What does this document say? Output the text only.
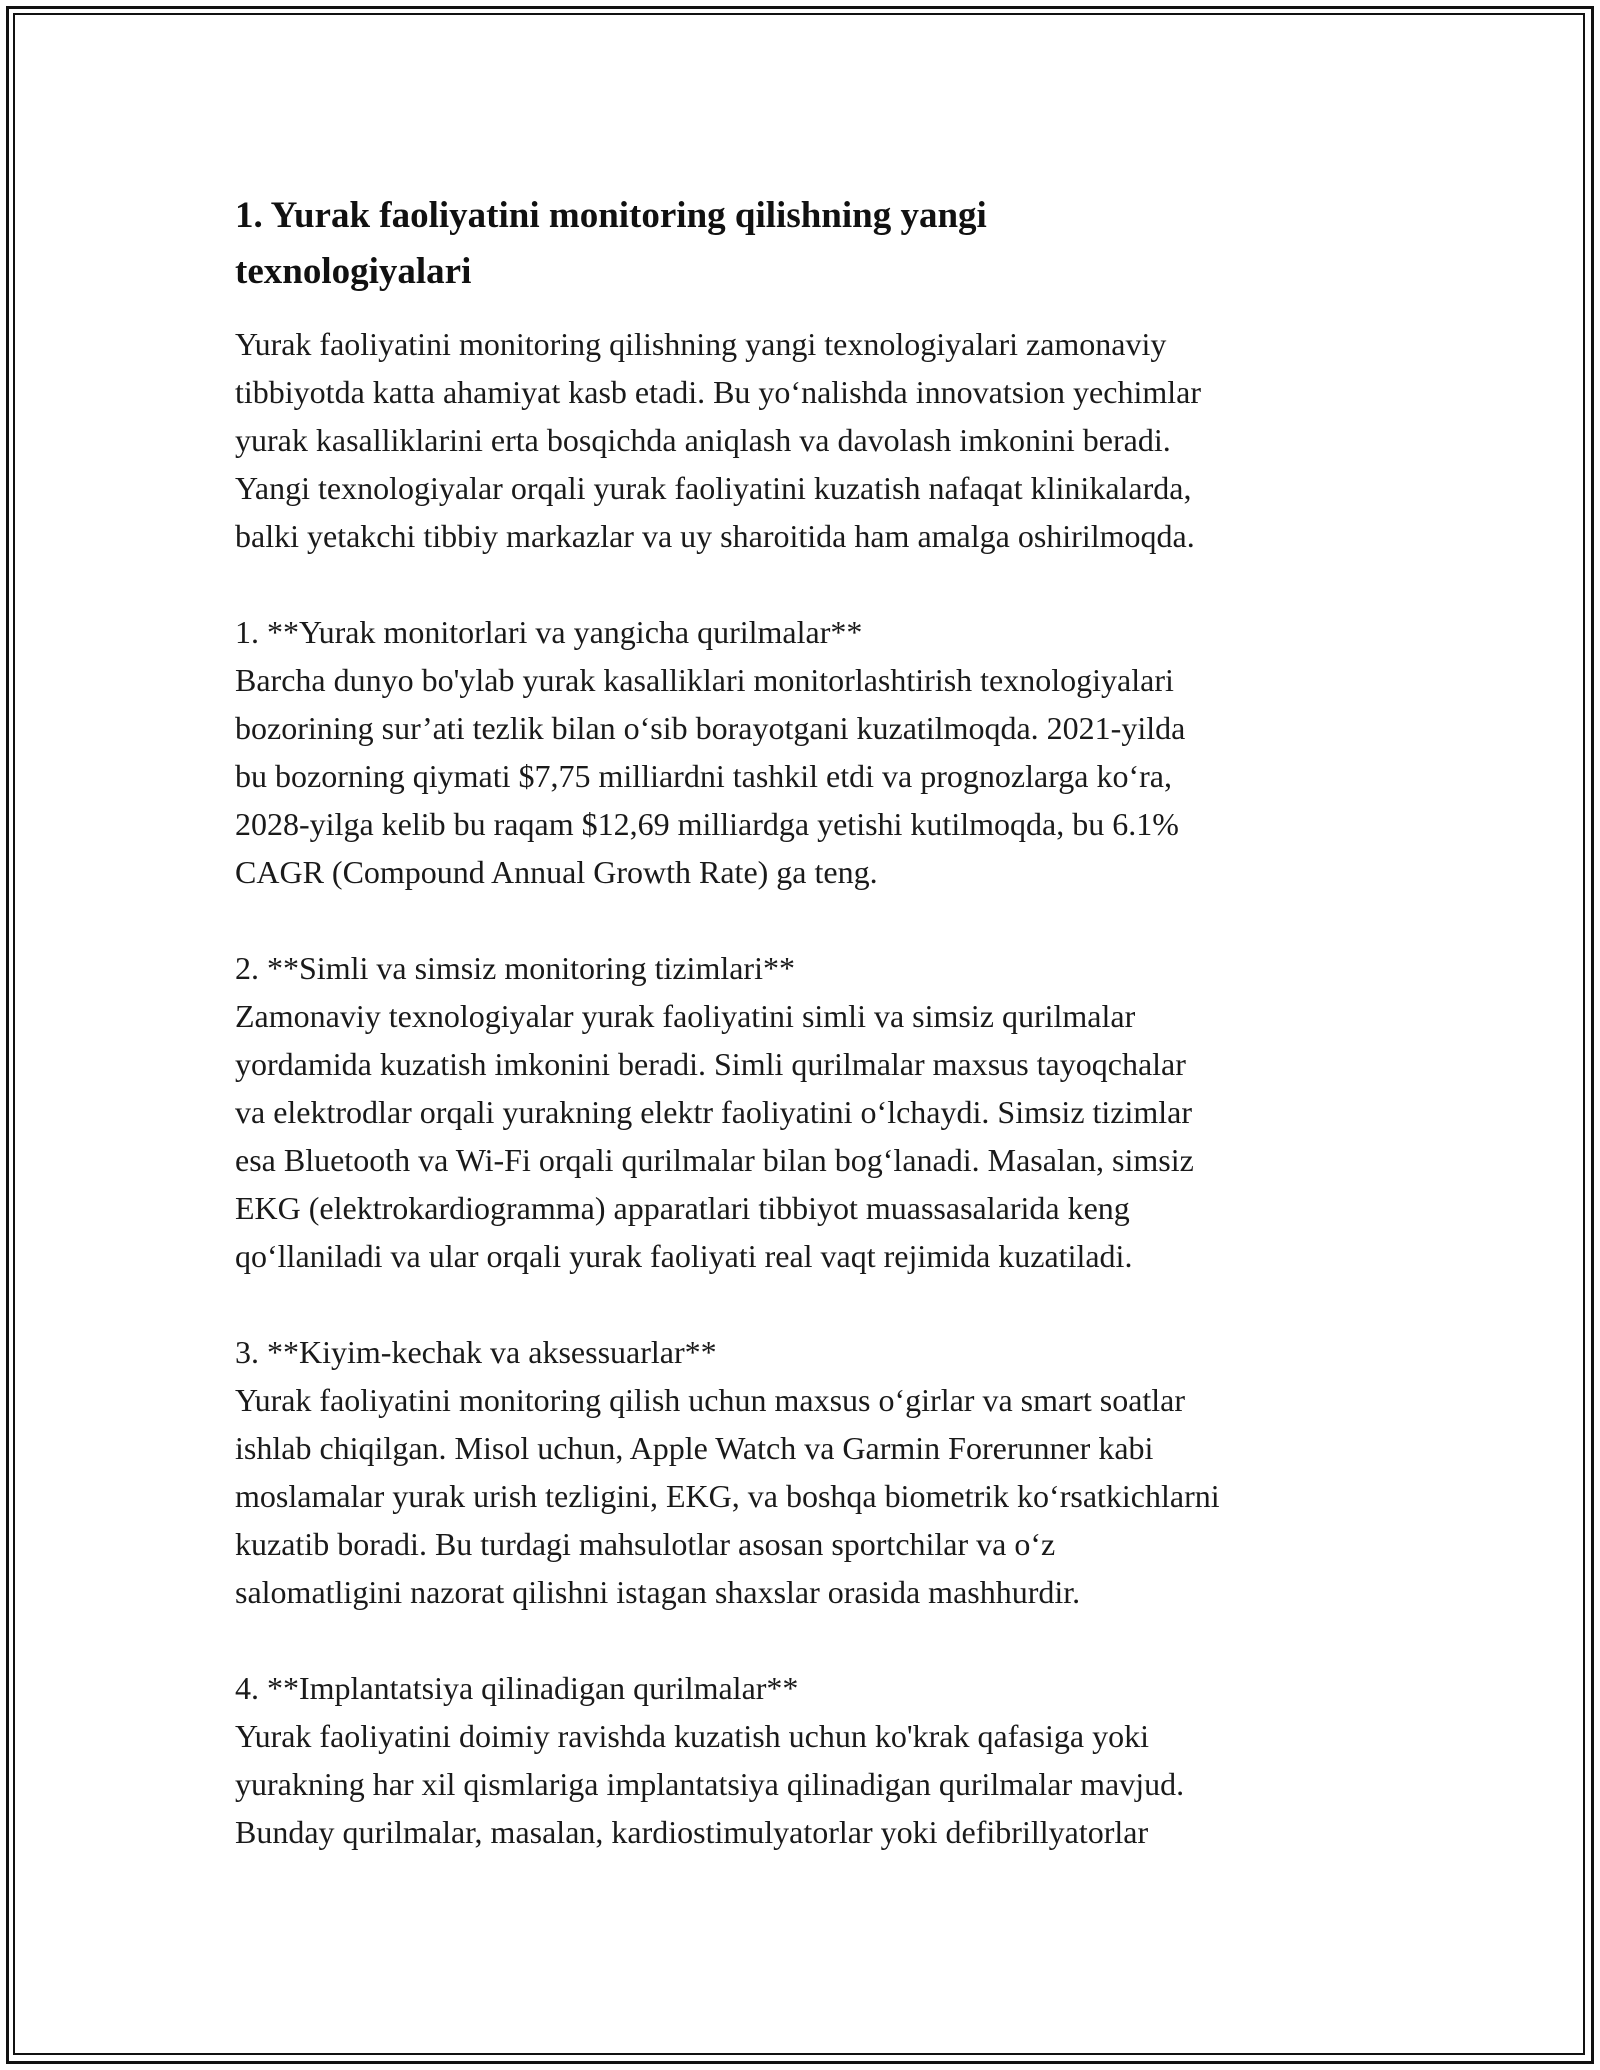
1. Yurak faoliyatini monitoring qilishning yangi
texnologiyalari

Yurak faoliyatini monitoring qilishning yangi texnologiyalari zamonaviy
tibbiyotda katta ahamiyat kasb etadi. Bu yo‘nalishda innovatsion yechimlar
yurak kasalliklarini erta bosqichda aniqlash va davolash imkonini beradi.
Yangi texnologiyalar orqali yurak faoliyatini kuzatish nafaqat klinikalarda,
balki yetakchi tibbiy markazlar va uy sharoitida ham amalga oshirilmoqda.

1. **Yurak monitorlari va yangicha qurilmalar**

Barcha dunyo bo'ylab yurak kasalliklari monitorlashtirish texnologiyalari
bozorining sur’ati tezlik bilan o‘sib borayotgani kuzatilmoqda. 2021-yilda
bu bozorning qiymati $7,75 milliardni tashkil etdi va prognozlarga ko‘ra,
2028-yilga kelib bu raqam $12,69 milliardga yetishi kutilmoqda, bu 6.1%
CAGR (Compound Annual Growth Rate) ga teng.

2. **Simli va simsiz monitoring tizimlari**

Zamonaviy texnologiyalar yurak faoliyatini simli va simsiz qurilmalar
yordamida kuzatish imkonini beradi. Simli qurilmalar maxsus tayoqchalar
va elektrodlar orqali yurakning elektr faoliyatini o‘lchaydi. Simsiz tizimlar
esa Bluetooth va Wi-Fi orqali qurilmalar bilan bog‘lanadi. Masalan, simsiz
EKG (elektrokardiogramma) apparatlari tibbiyot muassasalarida keng
qo‘llaniladi va ular orqali yurak faoliyati real vaqt rejimida kuzatiladi.

3. **Kiyim-kechak va aksessuarlar**

Yurak faoliyatini monitoring qilish uchun maxsus o‘girlar va smart soatlar
ishlab chiqilgan. Misol uchun, Apple Watch va Garmin Forerunner kabi
moslamalar yurak urish tezligini, EKG, va boshqa biometrik ko‘rsatkichlarni
kuzatib boradi. Bu turdagi mahsulotlar asosan sportchilar va o‘z
salomatligini nazorat qilishni istagan shaxslar orasida mashhurdir.

4. **Implantatsiya qilinadigan qurilmalar**

Yurak faoliyatini doimiy ravishda kuzatish uchun ko'krak qafasiga yoki
yurakning har xil qismlariga implantatsiya qilinadigan qurilmalar mavjud.
Bunday qurilmalar, masalan, kardiostimulyatorlar yoki defibrillyatorlar
